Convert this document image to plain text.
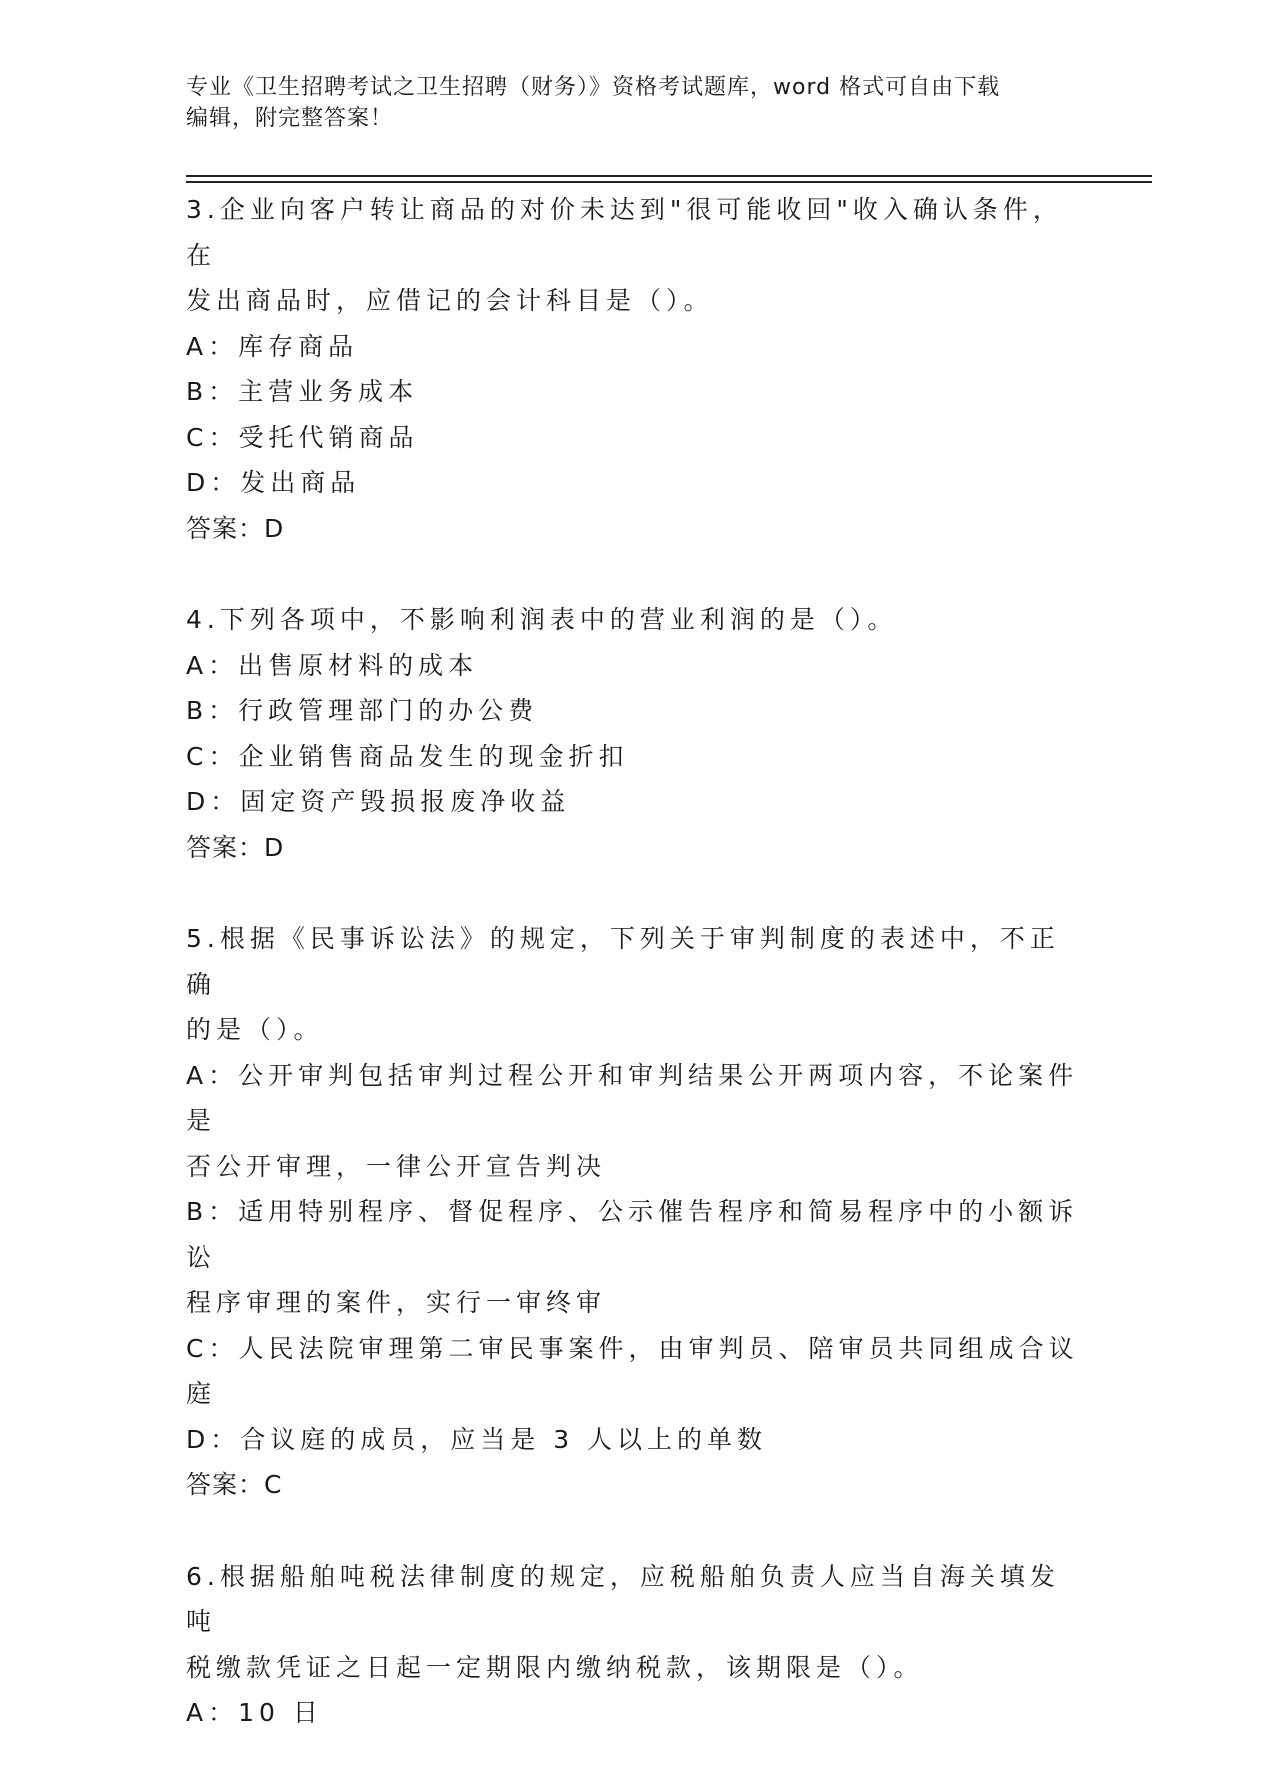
专业《卫生招聘考试之卫生招聘（财务）》资格考试题库，word 格式可自由下载
编辑，附完整答案！
3.企业向客户转让商品的对价未达到"很可能收回"收入确认条件，在
发出商品时，应借记的会计科目是（）。
A：库存商品
B：主营业务成本
C：受托代销商品
D：发出商品
答案：D
4.下列各项中，不影响利润表中的营业利润的是（）。
A：出售原材料的成本
B：行政管理部门的办公费
C：企业销售商品发生的现金折扣
D：固定资产毁损报废净收益
答案：D
5.根据《民事诉讼法》的规定，下列关于审判制度的表述中，不正确
的是（）。
A：公开审判包括审判过程公开和审判结果公开两项内容，不论案件是
否公开审理，一律公开宣告判决
B：适用特别程序、督促程序、公示催告程序和简易程序中的小额诉讼
程序审理的案件，实行一审终审
C：人民法院审理第二审民事案件，由审判员、陪审员共同组成合议庭
D：合议庭的成员，应当是 3 人以上的单数
答案：C
6.根据船舶吨税法律制度的规定，应税船舶负责人应当自海关填发吨
税缴款凭证之日起一定期限内缴纳税款，该期限是（）。
A：10 日
